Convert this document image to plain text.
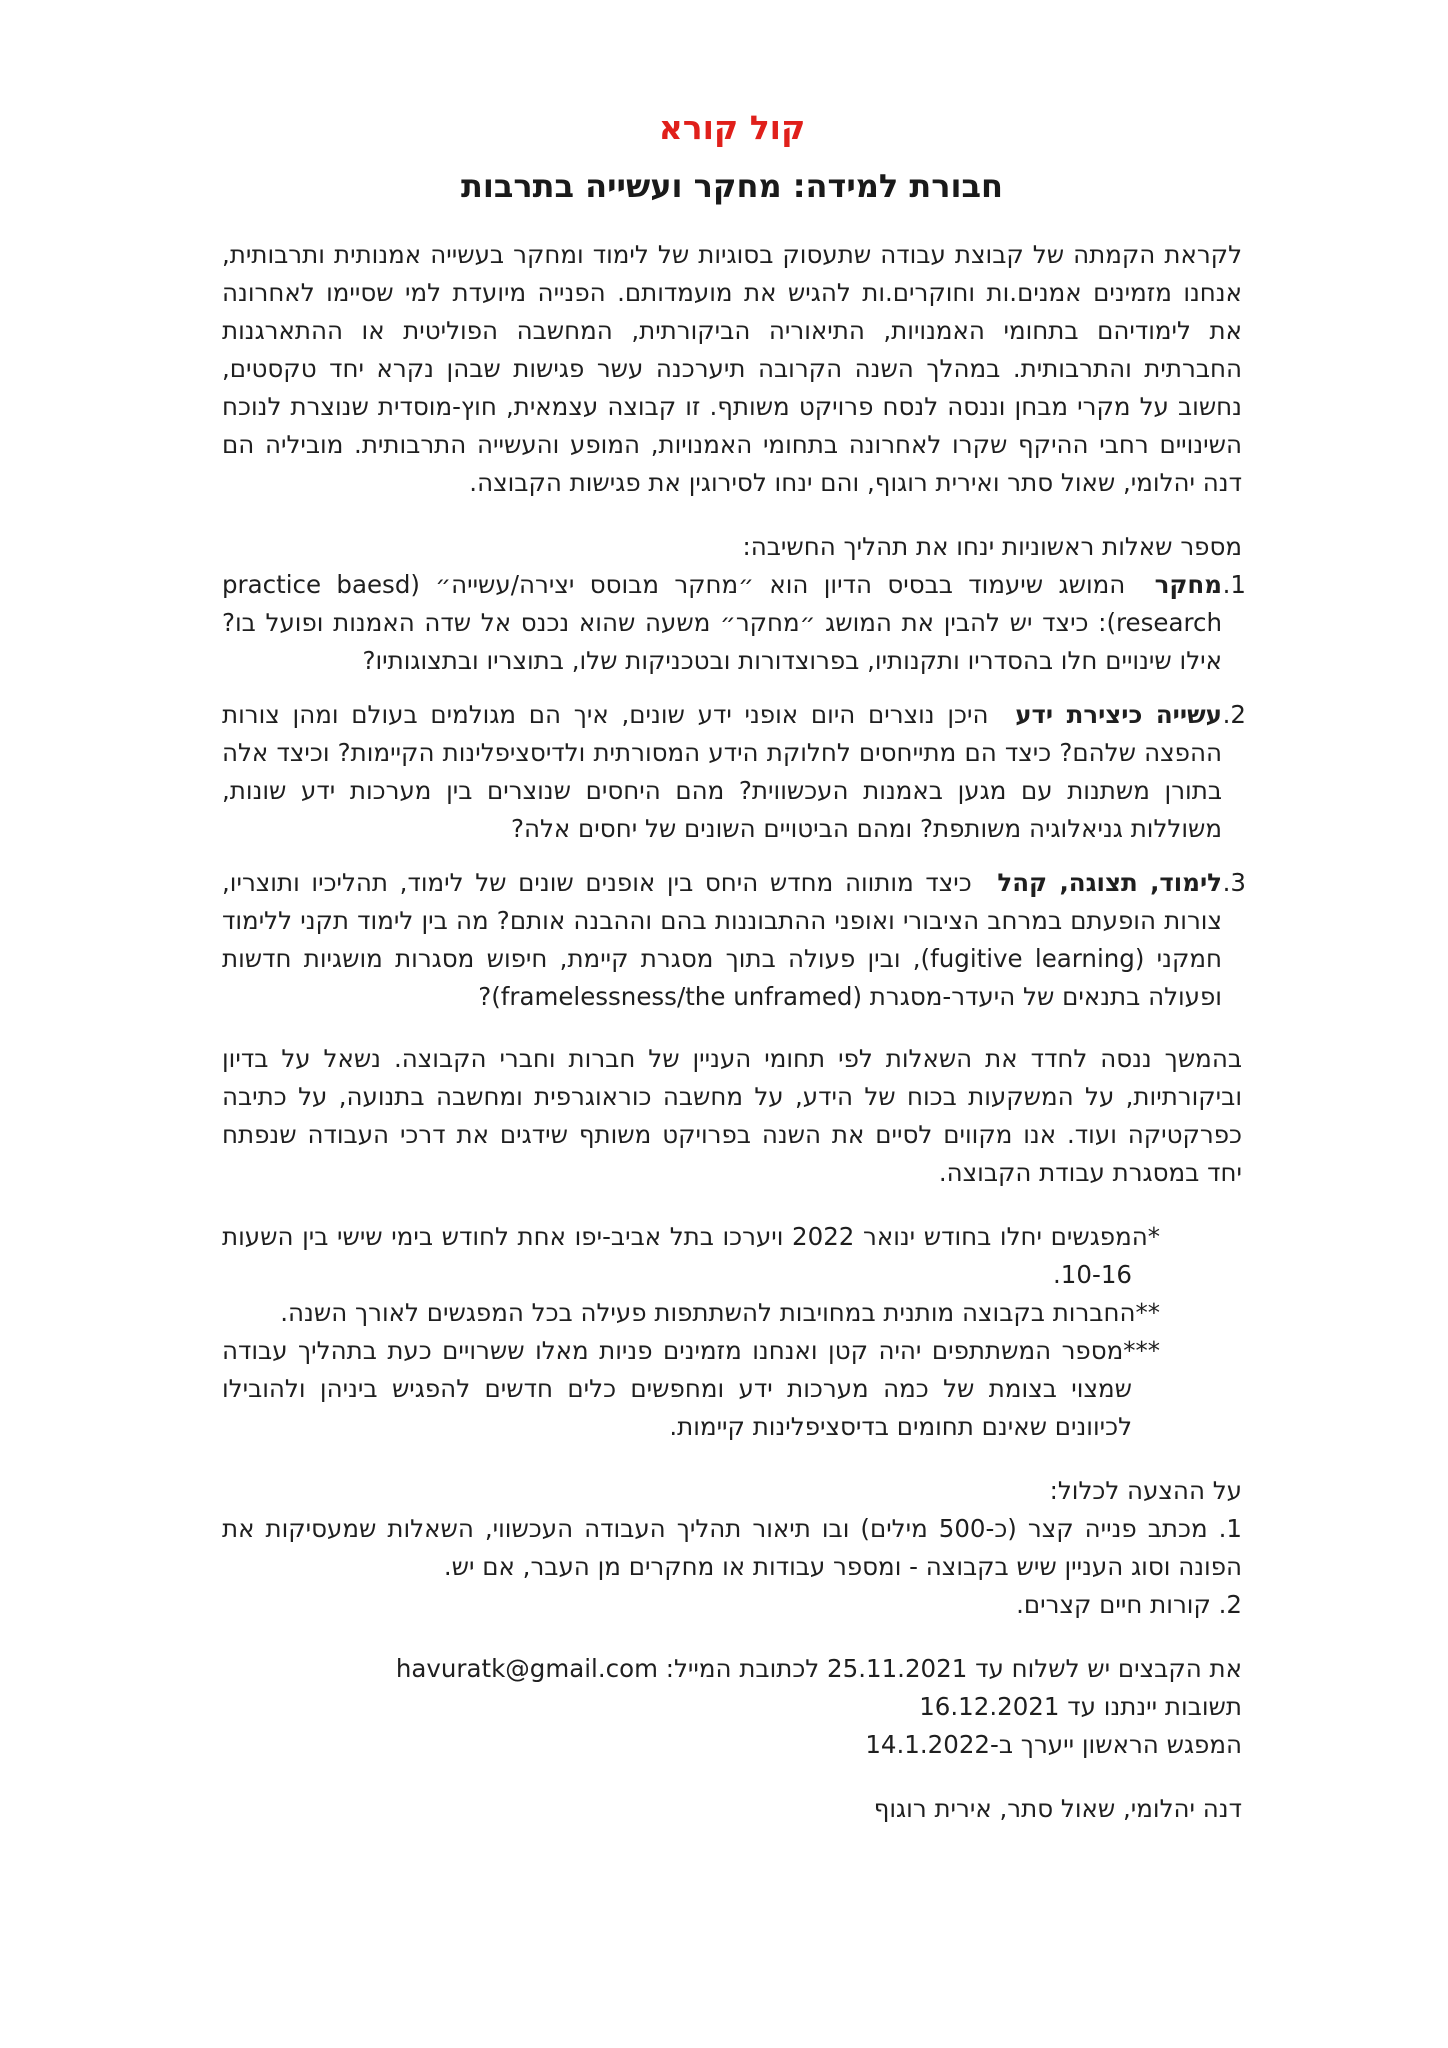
קול קורא
חבורת למידה: מחקר ועשייה בתרבות

לקראת הקמתה של קבוצת עבודה שתעסוק בסוגיות של לימוד ומחקר בעשייה אמנותית ותרבותית, אנחנו מזמינים אמנים.ות וחוקרים.ות להגיש את מועמדותם. הפנייה מיועדת למי שסיימו לאחרונה את לימודיהם בתחומי האמנויות, התיאוריה הביקורתית, המחשבה הפוליטית או ההתארגנות החברתית והתרבותית. במהלך השנה הקרובה תיערכנה עשר פגישות שבהן נקרא יחד טקסטים, נחשוב על מקרי מבחן וננסה לנסח פרויקט משותף. זו קבוצה עצמאית, חוץ-מוסדית שנוצרת לנוכח השינויים רחבי ההיקף שקרו לאחרונה בתחומי האמנויות, המופע והעשייה התרבותית. מוביליה הם דנה יהלומי, שאול סתר ואירית רוגוף, והם ינחו לסירוגין את פגישות הקבוצה.

מספר שאלות ראשוניות ינחו את תהליך החשיבה:

1.
מחקר המושג שיעמוד בבסיס הדיון הוא ״מחקר מבוסס יצירה/עשייה״ (practice baesd research): כיצד יש להבין את המושג ״מחקר״ משעה שהוא נכנס אל שדה האמנות ופועל בו? אילו שינויים חלו בהסדריו ותקנותיו, בפרוצדורות ובטכניקות שלו, בתוצריו ובתצוגותיו?
2.
עשייה כיצירת ידע היכן נוצרים היום אופני ידע שונים, איך הם מגולמים בעולם ומהן צורות ההפצה שלהם? כיצד הם מתייחסים לחלוקת הידע המסורתית ולדיסציפלינות הקיימות? וכיצד אלה בתורן משתנות עם מגען באמנות העכשווית? מהם היחסים שנוצרים בין מערכות ידע שונות, משוללות גניאלוגיה משותפת? ומהם הביטויים השונים של יחסים אלה?
3.
לימוד, תצוגה, קהל כיצד מותווה מחדש היחס בין אופנים שונים של לימוד, תהליכיו ותוצריו, צורות הופעתם במרחב הציבורי ואופני ההתבוננות בהם וההבנה אותם? מה בין לימוד תקני ללימוד חמקני (fugitive learning), ובין פעולה בתוך מסגרת קיימת, חיפוש מסגרות מושגיות חדשות ופעולה בתנאים של היעדר-מסגרת (framelessness/the unframed)?

בהמשך ננסה לחדד את השאלות לפי תחומי העניין של חברות וחברי הקבוצה. נשאל על בדיון וביקורתיות, על המשקעות בכוח של הידע, על מחשבה כוראוגרפית ומחשבה בתנועה, על כתיבה כפרקטיקה ועוד. אנו מקווים לסיים את השנה בפרויקט משותף שידגים את דרכי העבודה שנפתח יחד במסגרת עבודת הקבוצה.

*המפגשים יחלו בחודש ינואר 2022 ויערכו בתל אביב-יפו אחת לחודש בימי שישי בין השעות 10-16.

**החברות בקבוצה מותנית במחויבות להשתתפות פעילה בכל המפגשים לאורך השנה.

***מספר המשתתפים יהיה קטן ואנחנו מזמינים פניות מאלו ששרויים כעת בתהליך עבודה שמצוי בצומת של כמה מערכות ידע ומחפשים כלים חדשים להפגיש ביניהן ולהובילו לכיוונים שאינם תחומים בדיסציפלינות קיימות.

על ההצעה לכלול:

1. מכתב פנייה קצר (כ-500 מילים) ובו תיאור תהליך העבודה העכשווי, השאלות שמעסיקות את הפונה וסוג העניין שיש בקבוצה - ומספר עבודות או מחקרים מן העבר, אם יש.

2. קורות חיים קצרים.

את הקבצים יש לשלוח עד 25.11.2021 לכתובת המייל: havuratk@gmail.com

תשובות יינתנו עד 16.12.2021

המפגש הראשון ייערך ב-14.1.2022

דנה יהלומי, שאול סתר, אירית רוגוף
